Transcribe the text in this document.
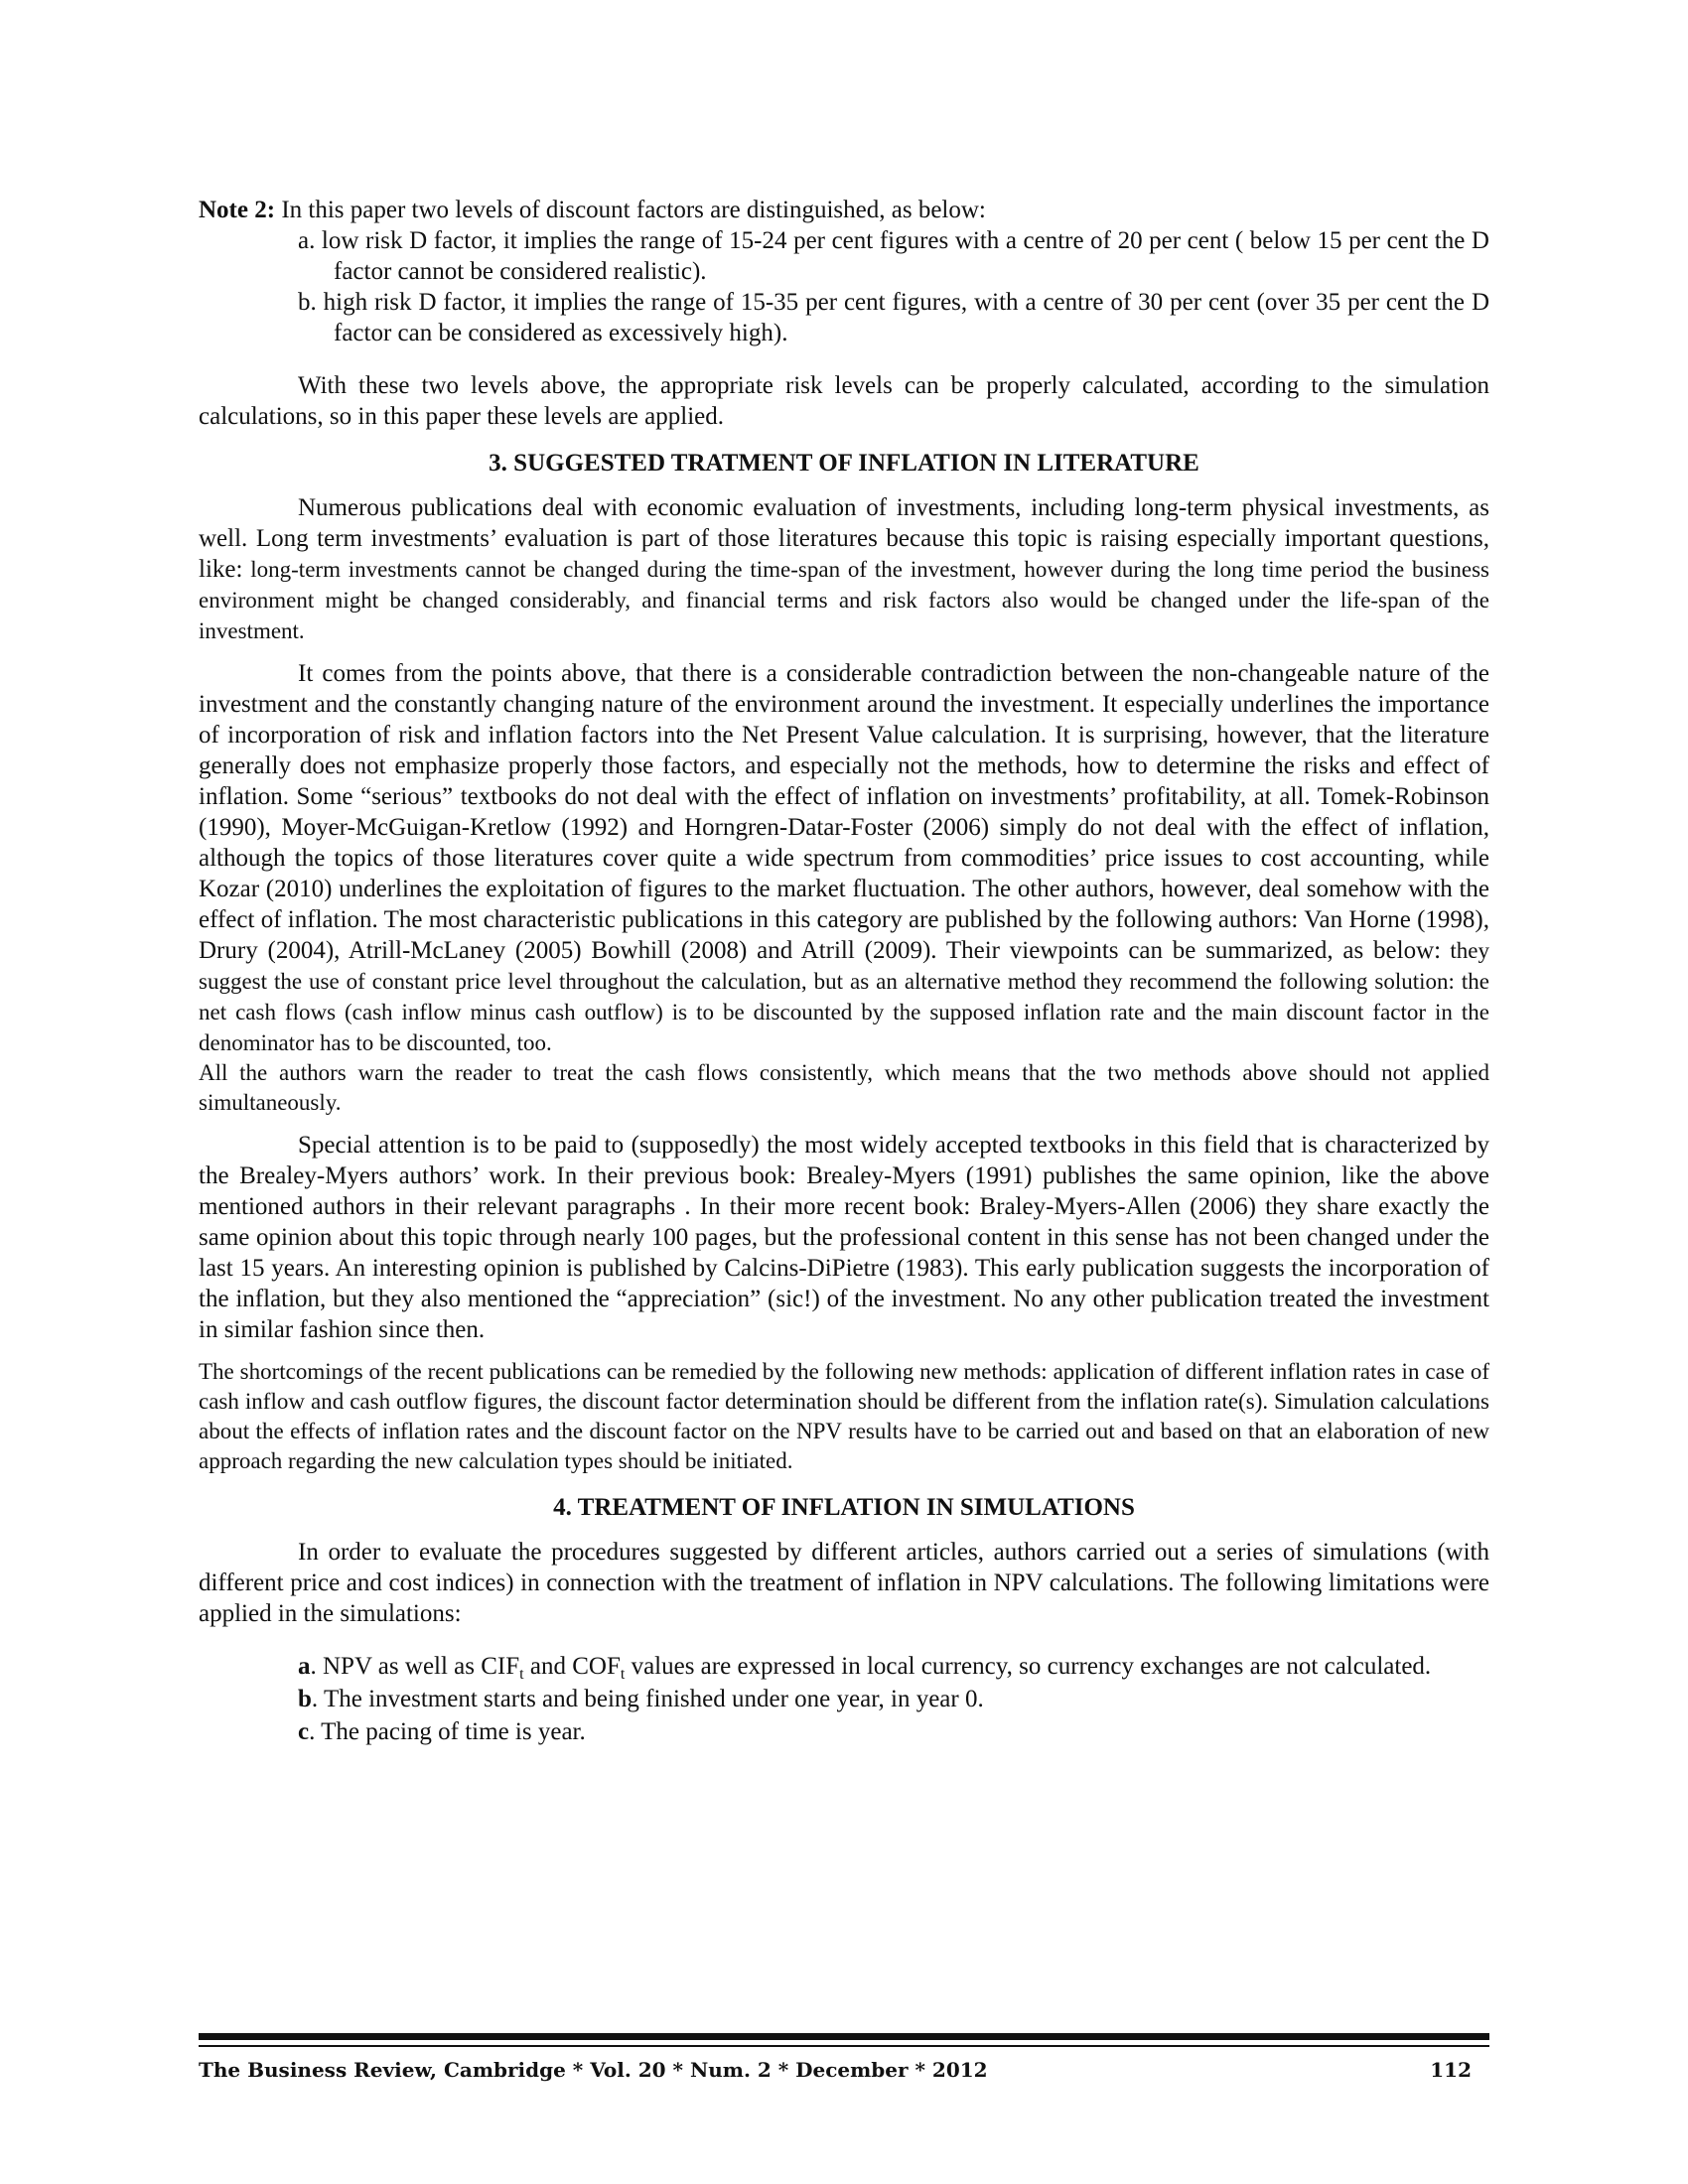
Note 2: In this paper two levels of discount factors are distinguished, as below:

a. low risk D factor, it implies the range of 15-24 per cent figures with a centre of 20 per cent ( below 15 per cent the D factor cannot be considered realistic).
b. high risk D factor, it implies the range of 15-35 per cent figures, with a centre of 30 per cent (over 35 per cent the D factor can be considered as excessively high).

With these two levels above, the appropriate risk levels can be properly calculated, according to the simulation calculations, so in this paper these levels are applied.

3. SUGGESTED TRATMENT OF INFLATION IN LITERATURE

Numerous publications deal with economic evaluation of investments, including long-term physical investments, as well. Long term investments’ evaluation is part of those literatures because this topic is raising especially important questions, like: long-term investments cannot be changed during the time-span of the investment, however during the long time period the business environment might be changed considerably, and financial terms and risk factors also would be changed under the life-span of the investment.

It comes from the points above, that there is a considerable contradiction between the non-changeable nature of the investment and the constantly changing nature of the environment around the investment. It especially underlines the importance of incorporation of risk and inflation factors into the Net Present Value calculation. It is surprising, however, that the literature generally does not emphasize properly those factors, and especially not the methods, how to determine the risks and effect of inflation. Some “serious” textbooks do not deal with the effect of inflation on investments’ profitability, at all. Tomek-Robinson (1990), Moyer-McGuigan-Kretlow (1992) and Horngren-Datar-Foster (2006) simply do not deal with the effect of inflation, although the topics of those literatures cover quite a wide spectrum from commodities’ price issues to cost accounting, while Kozar (2010) underlines the exploitation of figures to the market fluctuation. The other authors, however, deal somehow with the effect of inflation. The most characteristic publications in this category are published by the following authors: Van Horne (1998), Drury (2004), Atrill-McLaney (2005) Bowhill (2008) and Atrill (2009). Their viewpoints can be summarized, as below: they suggest the use of constant price level throughout the calculation, but as an alternative method they recommend the following solution: the net cash flows (cash inflow minus cash outflow) is to be discounted by the supposed inflation rate and the main discount factor in the denominator has to be discounted, too.

All the authors warn the reader to treat the cash flows consistently, which means that the two methods above should not applied simultaneously.

Special attention is to be paid to (supposedly) the most widely accepted textbooks in this field that is characterized by the Brealey-Myers authors’ work. In their previous book: Brealey-Myers (1991) publishes the same opinion, like the above mentioned authors in their relevant paragraphs . In their more recent book: Braley-Myers-Allen (2006) they share exactly the same opinion about this topic through nearly 100 pages, but the professional content in this sense has not been changed under the last 15 years. An interesting opinion is published by Calcins-DiPietre (1983). This early publication suggests the incorporation of the inflation, but they also mentioned the “appreciation” (sic!) of the investment. No any other publication treated the investment in similar fashion since then.

The shortcomings of the recent publications can be remedied by the following new methods: application of different inflation rates in case of cash inflow and cash outflow figures, the discount factor determination should be different from the inflation rate(s). Simulation calculations about the effects of inflation rates and the discount factor on the NPV results have to be carried out and based on that an elaboration of new approach regarding the new calculation types should be initiated.

4. TREATMENT OF INFLATION IN SIMULATIONS

In order to evaluate the procedures suggested by different articles, authors carried out a series of simulations (with different price and cost indices) in connection with the treatment of inflation in NPV calculations. The following limitations were applied in the simulations:

a. NPV as well as $CIF_t$ and $COF_t$ values are expressed in local currency, so currency exchanges are not calculated.
b. The investment starts and being finished under one year, in year 0.
c. The pacing of time is year.
The Business Review, Cambridge * Vol. 20 * Num. 2 * December * 2012	112
